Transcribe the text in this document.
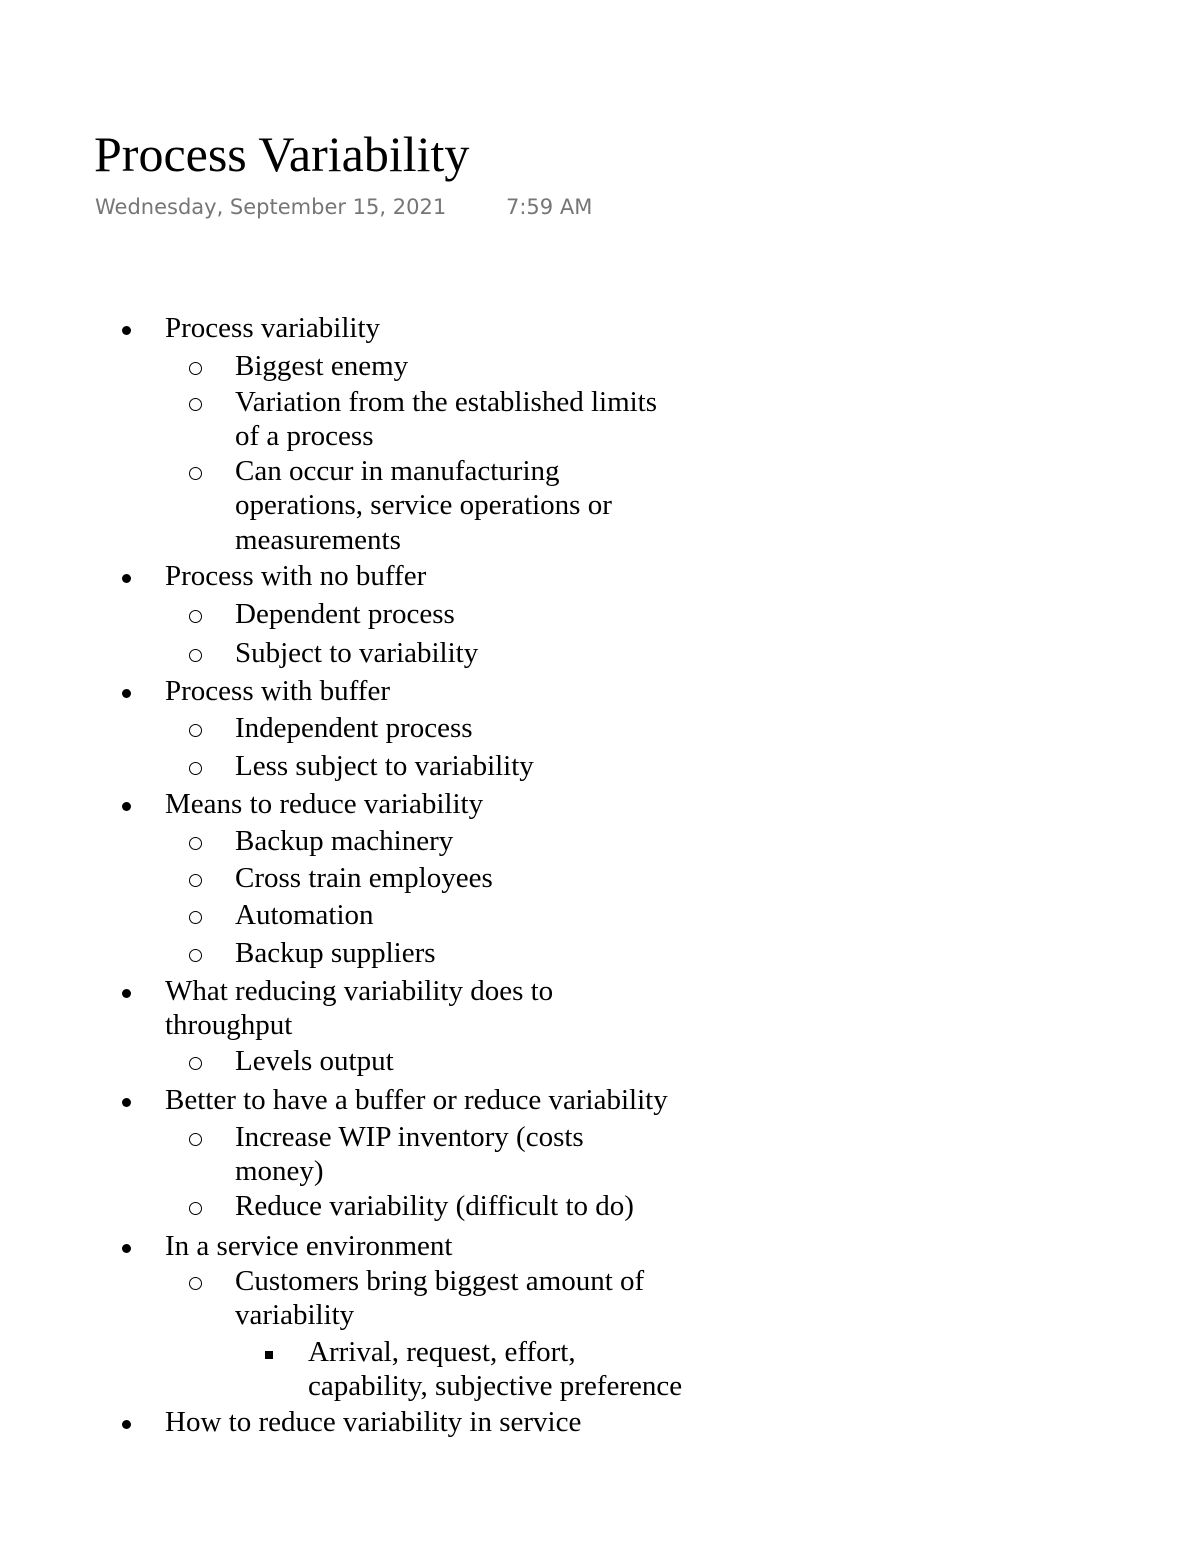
Process Variability
Wednesday, September 15, 2021	7:59 AM
Process variability
Biggest enemy
Variation from the established limits
of a process
Can occur in manufacturing
operations, service operations or
measurements
Process with no buffer
Dependent process
Subject to variability
Process with buffer
Independent process
Less subject to variability
Means to reduce variability
Backup machinery
Cross train employees
Automation
Backup suppliers
What reducing variability does to
throughput
Levels output
Better to have a buffer or reduce variability
Increase WIP inventory (costs
money)
Reduce variability (difficult to do)
In a service environment
Customers bring biggest amount of
variability
Arrival, request, effort,
capability, subjective preference
How to reduce variability in service
